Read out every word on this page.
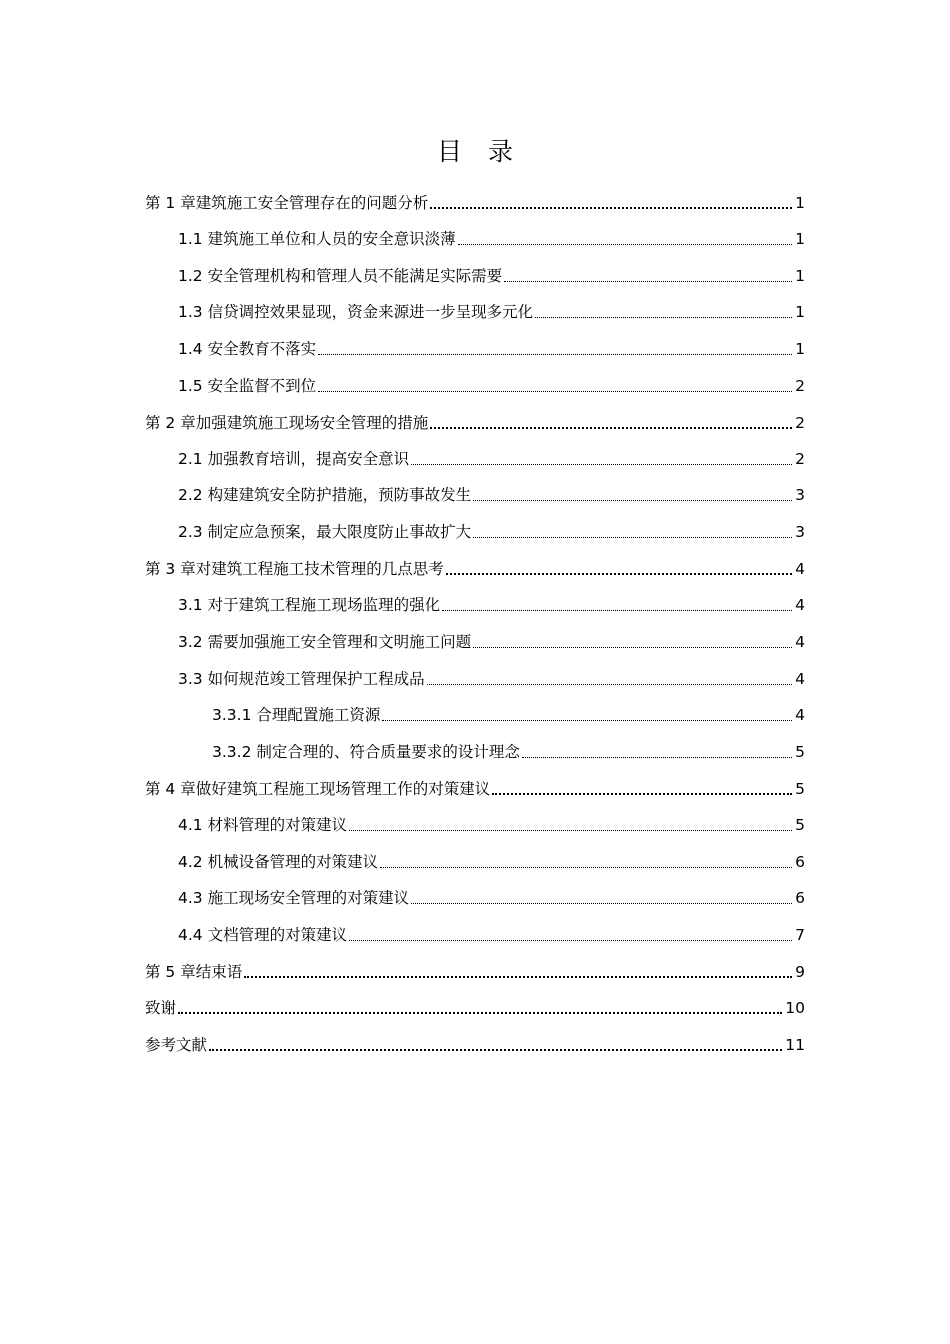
目录
第 1 章建筑施工安全管理存在的问题分析	1
1.1 建筑施工单位和人员的安全意识淡薄	1
1.2 安全管理机构和管理人员不能满足实际需要	1
1.3 信贷调控效果显现，资金来源进一步呈现多元化	1
1.4 安全教育不落实	1
1.5 安全监督不到位	2
第 2 章加强建筑施工现场安全管理的措施	2
2.1 加强教育培训，提高安全意识	2
2.2 构建建筑安全防护措施，预防事故发生	3
2.3 制定应急预案，最大限度防止事故扩大	3
第 3 章对建筑工程施工技术管理的几点思考	4
3.1 对于建筑工程施工现场监理的强化	4
3.2 需要加强施工安全管理和文明施工问题	4
3.3 如何规范竣工管理保护工程成品	4
3.3.1 合理配置施工资源	4
3.3.2 制定合理的、符合质量要求的设计理念	5
第 4 章做好建筑工程施工现场管理工作的对策建议	5
4.1 材料管理的对策建议	5
4.2 机械设备管理的对策建议	6
4.3 施工现场安全管理的对策建议	6
4.4 文档管理的对策建议	7
第 5 章结束语	9
致谢	10
参考文献	11
